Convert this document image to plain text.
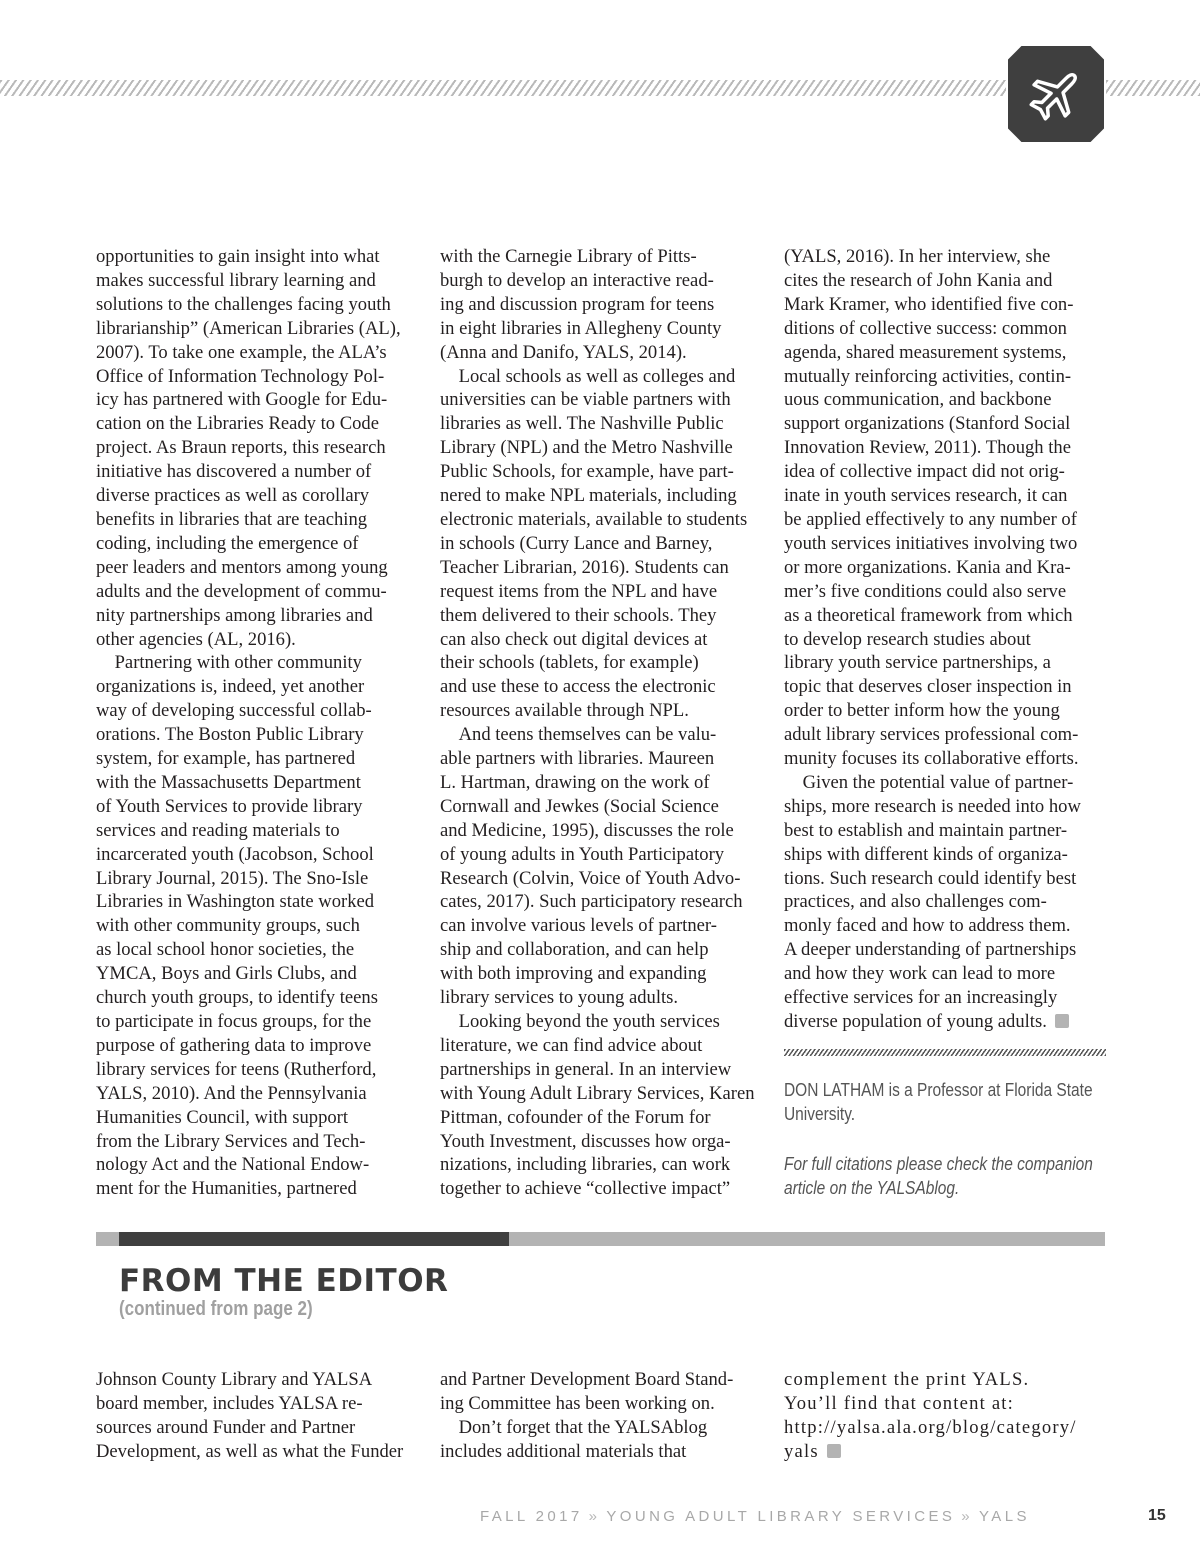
opportunities to gain insight into what

makes successful library learning and

solutions to the challenges facing youth

librarianship” (American Libraries (AL),

2007). To take one example, the ALA’s

Office of Information Technology Pol-

icy has partnered with Google for Edu-

cation on the Libraries Ready to Code

project. As Braun reports, this research

initiative has discovered a number of

diverse practices as well as corollary

benefits in libraries that are teaching

coding, including the emergence of

peer leaders and mentors among young

adults and the development of commu-

nity partnerships among libraries and

other agencies (AL, 2016).

 Partnering with other community

organizations is, indeed, yet another

way of developing successful collab-

orations. The Boston Public Library

system, for example, has partnered

with the Massachusetts Department

of Youth Services to provide library

services and reading materials to

incarcerated youth (Jacobson, School

Library Journal, 2015). The Sno-Isle

Libraries in Washington state worked

with other community groups, such

as local school honor societies, the

YMCA, Boys and Girls Clubs, and

church youth groups, to identify teens

to participate in focus groups, for the

purpose of gathering data to improve

library services for teens (Rutherford,

YALS, 2010). And the Pennsylvania

Humanities Council, with support

from the Library Services and Tech-

nology Act and the National Endow-

ment for the Humanities, partnered

with the Carnegie Library of Pitts-

burgh to develop an interactive read-

ing and discussion program for teens

in eight libraries in Allegheny County

(Anna and Danifo, YALS, 2014).

 Local schools as well as colleges and

universities can be viable partners with

libraries as well. The Nashville Public

Library (NPL) and the Metro Nashville

Public Schools, for example, have part-

nered to make NPL materials, including

electronic materials, available to students

in schools (Curry Lance and Barney,

Teacher Librarian, 2016). Students can

request items from the NPL and have

them delivered to their schools. They

can also check out digital devices at

their schools (tablets, for example)

and use these to access the electronic

resources available through NPL.

 And teens themselves can be valu-

able partners with libraries. Maureen

L. Hartman, drawing on the work of

Cornwall and Jewkes (Social Science

and Medicine, 1995), discusses the role

of young adults in Youth Participatory

Research (Colvin, Voice of Youth Advo-

cates, 2017). Such participatory research

can involve various levels of partner-

ship and collaboration, and can help

with both improving and expanding

library services to young adults.

 Looking beyond the youth services

literature, we can find advice about

partnerships in general. In an interview

with Young Adult Library Services, Karen

Pittman, cofounder of the Forum for

Youth Investment, discusses how orga-

nizations, including libraries, can work

together to achieve “collective impact”

(YALS, 2016). In her interview, she

cites the research of John Kania and

Mark Kramer, who identified five con-

ditions of collective success: common

agenda, shared measurement systems,

mutually reinforcing activities, contin-

uous communication, and backbone

support organizations (Stanford Social

Innovation Review, 2011). Though the

idea of collective impact did not orig-

inate in youth services research, it can

be applied effectively to any number of

youth services initiatives involving two

or more organizations. Kania and Kra-

mer’s five conditions could also serve

as a theoretical framework from which

to develop research studies about

library youth service partnerships, a

topic that deserves closer inspection in

order to better inform how the young

adult library services professional com-

munity focuses its collaborative efforts.

 Given the potential value of partner-

ships, more research is needed into how

best to establish and maintain partner-

ships with different kinds of organiza-

tions. Such research could identify best

practices, and also challenges com-

monly faced and how to address them.

A deeper understanding of partnerships

and how they work can lead to more

effective services for an increasingly

diverse population of young adults.

DON LATHAM is a Professor at Florida State

University.

For full citations please check the companion

article on the YALSAblog.

FROM THE EDITOR
(continued from page 2)

Johnson County Library and YALSA

board member, includes YALSA re-

sources around Funder and Partner

Development, as well as what the Funder

and Partner Development Board Stand-

ing Committee has been working on.

 Don’t forget that the YALSAblog

includes additional materials that

complement the print YALS.

You’ll find that content at:

http://yalsa.ala.org/blog/category/

yals

FALL 2017 » YOUNG ADULT LIBRARY SERVICES » YALS	15
